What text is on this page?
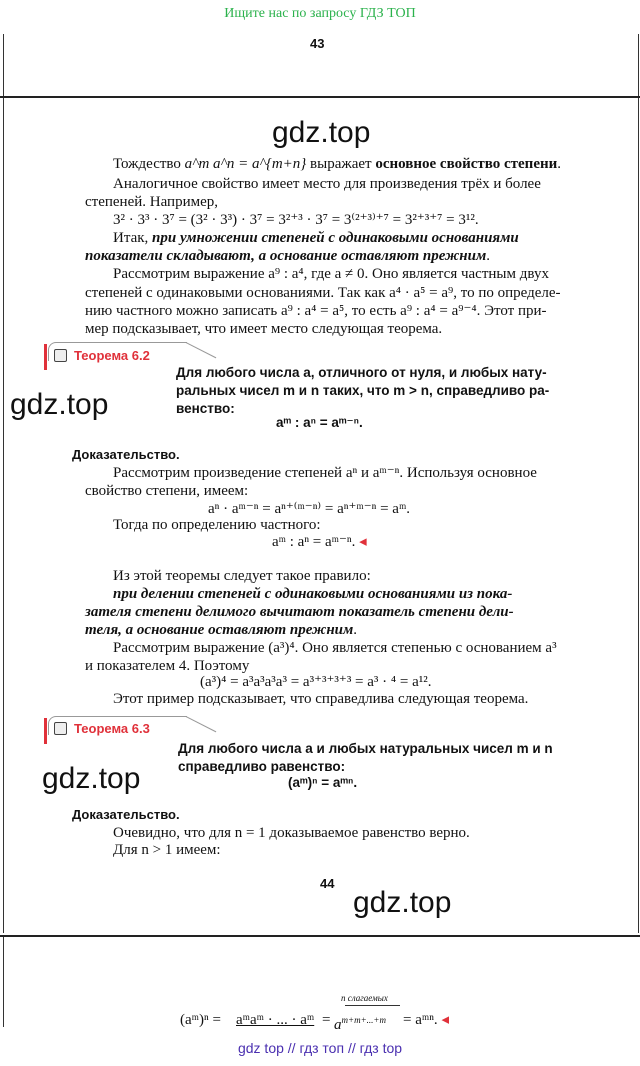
Ищите нас по запросу ГДЗ ТОП
43
gdz.top
gdz.top
gdz.top
gdz.top
Тождество a^m a^n = a^{m+n} выражает основное свойство степени.
Аналогичное свойство имеет место для произведения трёх и более
степеней. Например,
3² · 3³ · 3⁷ = (3² · 3³) · 3⁷ = 3²⁺³ · 3⁷ = 3⁽²⁺³⁾⁺⁷ = 3²⁺³⁺⁷ = 3¹².
Итак, при умножении степеней с одинаковыми основаниями
показатели складывают, а основание оставляют прежним.
Рассмотрим выражение a⁹ : a⁴, где a ≠ 0. Оно является частным двух
степеней с одинаковыми основаниями. Так как a⁴ · a⁵ = a⁹, то по определе-
нию частного можно записать a⁹ : a⁴ = a⁵, то есть a⁹ : a⁴ = a⁹⁻⁴. Этот при-
мер подсказывает, что имеет место следующая теорема.
Теорема 6.2
Для любого числа a, отличного от нуля, и любых нату-
ральных чисел m и n таких, что m > n, справедливо ра-
венство:
aᵐ : aⁿ = aᵐ⁻ⁿ.
Доказательство.
Рассмотрим произведение степеней aⁿ и aᵐ⁻ⁿ. Используя основное
свойство степени, имеем:
aⁿ · aᵐ⁻ⁿ = aⁿ⁺⁽ᵐ⁻ⁿ⁾ = aⁿ⁺ᵐ⁻ⁿ = aᵐ.
Тогда по определению частного:
aᵐ : aⁿ = aᵐ⁻ⁿ. ◂
Из этой теоремы следует такое правило:
при делении степеней с одинаковыми основаниями из пока-
зателя степени делимого вычитают показатель степени дели-
теля, а основание оставляют прежним.
Рассмотрим выражение (a³)⁴. Оно является степенью с основанием a³
и показателем 4. Поэтому
(a³)⁴ = a³a³a³a³ = a³⁺³⁺³⁺³ = a³ · ⁴ = a¹².
Этот пример подсказывает, что справедлива следующая теорема.
Теорема 6.3
Для любого числа a и любых натуральных чисел m и n
справедливо равенство:
(aᵐ)ⁿ = aᵐⁿ.
Доказательство.
Очевидно, что для n = 1 доказываемое равенство верно.
Для n > 1 имеем:
44
(aᵐ)ⁿ = aᵐaᵐ · ... · aᵐ =
n слагаемых
$a^{m+m+...+m}$ = aᵐⁿ. ◂
gdz top // гдз топ // гдз top
